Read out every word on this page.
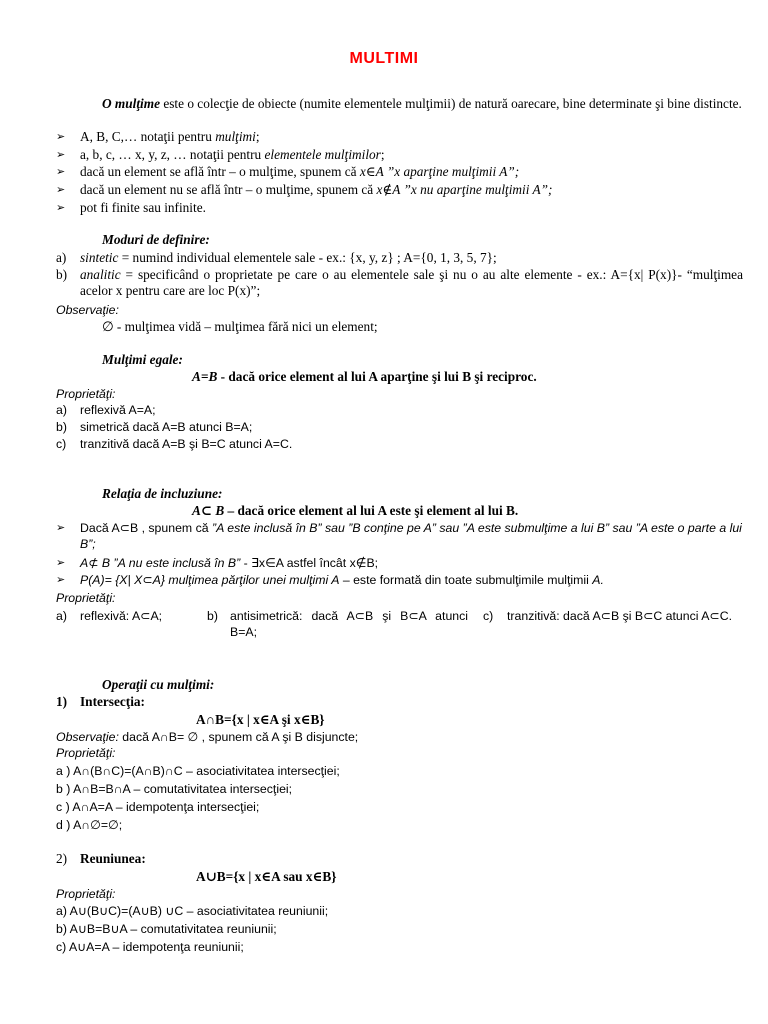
MULTIMI
O mulţime este o colecţie de obiecte (numite elementele mulţimii) de natură oarecare, bine determinate şi bine distincte.
➢ A, B, C,… notaţii pentru mulţimi;
➢ a, b, c, … x, y, z, … notaţii pentru elementele mulţimilor;
➢ dacă un element se află într – o mulţime, spunem că x∈A ”x aparţine mulţimii A”;
➢ dacă un element nu se află într – o mulţime, spunem că x∉A ”x nu aparţine mulţimii A”;
➢ pot fi finite sau infinite.
Moduri de definire:
a) sintetic = numind individual elementele sale - ex.: {x, y, z} ; A={0, 1, 3, 5, 7};
b) analitic = specificând o proprietate pe care o au elementele sale şi nu o au alte elemente - ex.: A={x| P(x)}- “mulţimea acelor x pentru care are loc P(x)”;
Observaţie:
∅ - mulţimea vidă – mulţimea fără nici un element;
Mulţimi egale:
A=B - dacă orice element al lui A aparţine şi lui B şi reciproc.
Proprietăţi:
a) reflexivă A=A;
b) simetrică dacă A=B atunci B=A;
c) tranzitivă dacă A=B şi B=C atunci A=C.
Relaţia de incluziune:
A⊂ B – dacă orice element al lui A este şi element al lui B.
➢ Dacă A⊂B , spunem că ”A este inclusă în B” sau ”B conţine pe A” sau ”A este submulţime a lui B” sau ”A este o parte a lui B”;
➢ A⊄ B ”A nu este inclusă în B” - ∃x∈A astfel încât x∉B;
➢ P(A)= {X| X⊂A} mulţimea părţilor unei mulţimi A – este formată din toate submulţimile mulţimii A.
Proprietăţi:
a) reflexivă: A⊂A;	b) antisimetrică: dacă A⊂B şi B⊂A atunci B=A;
c) tranzitivă: dacă A⊂B şi B⊂C atunci A⊂C.
Operaţii cu mulţimi:
1) Intersecţia:
A∩B={x | x∈A şi x∈B}
Observaţie: dacă A∩B= ∅ , spunem că A şi B disjuncte;
Proprietăţi:
a ) A∩(B∩C)=(A∩B)∩C – asociativitatea intersecţiei;
b ) A∩B=B∩A – comutativitatea intersecţiei;
c ) A∩A=A – idempotenţa intersecţiei;
d ) A∩∅=∅;
2) Reuniunea:
A∪B={x | x∈A sau x∈B}
Proprietăţi:
a) A∪(B∪C)=(A∪B) ∪C – asociativitatea reuniunii;
b) A∪B=B∪A – comutativitatea reuniunii;
c) A∪A=A – idempotenţa reuniunii;
